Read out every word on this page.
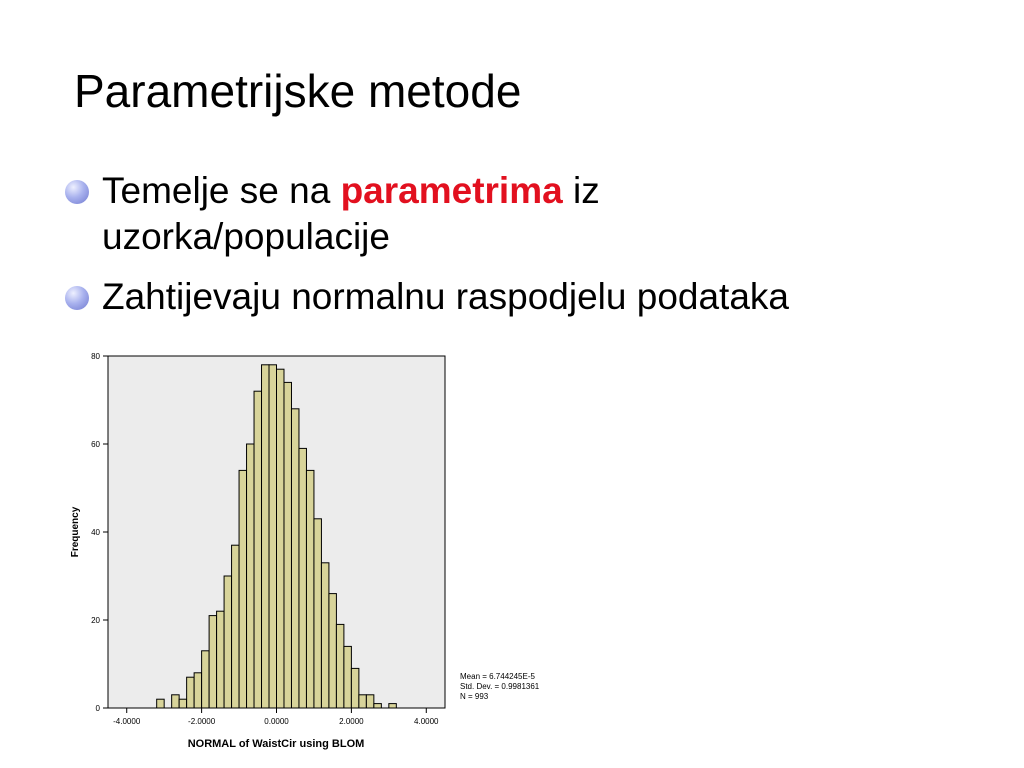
Parametrijske metode
Temelje se na parametrima iz
uzorka/populacije
Zahtijevaju normalnu raspodjelu podataka
0
20
40
60
80
-4.0000	-2.0000	0.0000	2.0000	4.0000
NORMAL of WaistCir using BLOM
Frequency
Mean = 6.744245E-5
Std. Dev. = 0.9981361
N = 993
